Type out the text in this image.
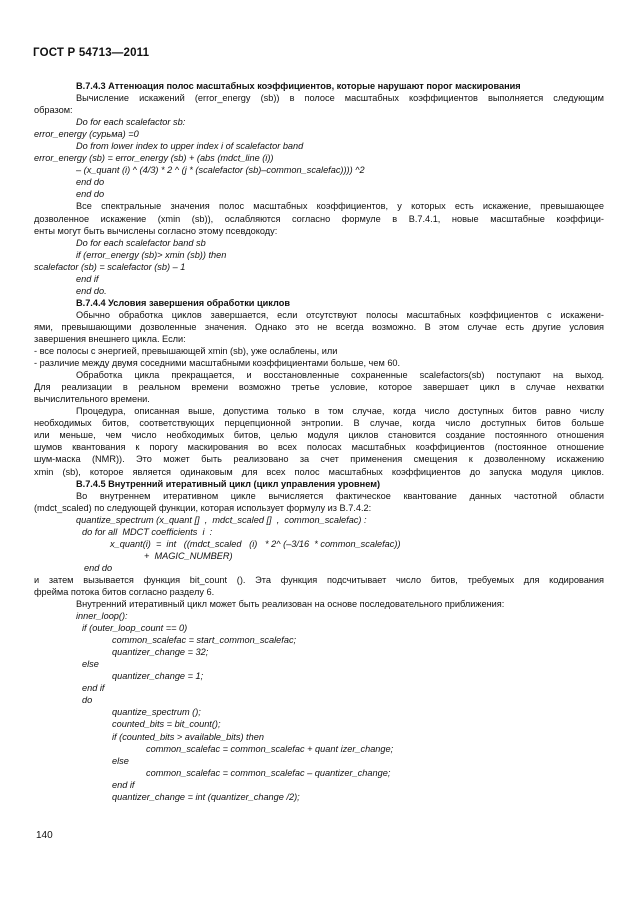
ГОСТ Р 54713—2011
B.7.4.3 Аттенюация полос масштабных коэффициентов, которые нарушают порог маскирования
Вычисление искажений (error_energy (sb)) в полосе масштабных коэффициентов выполняется следующим
образом:
Do for each scalefactor sb:
error_energy (сурьма) =0
Do from lower index to upper index i of scalefactor band
error_energy (sb) = error_energy (sb) + (abs (mdct_line (i))
– (x_quant (i) ^ (4/3) * 2 ^ (j * (scalefactor (sb)–common_scalefac)))) ^2
end do
end do
Все спектральные значения полос масштабных коэффициентов, у которых есть искажение, превышающее
дозволенное искажение (xmin (sb)), ослабляются согласно формуле в В.7.4.1, новые масштабные коэффици-
енты могут быть вычислены согласно этому псевдокоду:
Do for each scalefactor band sb
if (error_energy (sb)> xmin (sb)) then
scalefactor (sb) = scalefactor (sb) – 1
end if
end do.
B.7.4.4 Условия завершения обработки циклов
Обычно обработка циклов завершается, если отсутствуют полосы масштабных коэффициентов с искажени-
ями, превышающими дозволенные значения. Однако это не всегда возможно. В этом случае есть другие условия
завершения внешнего цикла. Если:
- все полосы с энергией, превышающей xmin (sb), уже ослаблены, или
- различие между двумя соседними масштабными коэффициентами больше, чем 60.
Обработка цикла прекращается, и восстановленные сохраненные scalefactors(sb) поступают на выход.
Для реализации в реальном времени возможно третье условие, которое завершает цикл в случае нехватки
вычислительного времени.
Процедура, описанная выше, допустима только в том случае, когда число доступных битов равно числу
необходимых битов, соответствующих перцепционной энтропии. В случае, когда число доступных битов больше
или меньше, чем число необходимых битов, целью модуля циклов становится создание постоянного отношения
шумов квантования к порогу маскирования во всех полосах масштабных коэффициентов (постоянное отношение
шум-маска (NMR)). Это может быть реализовано за счет применения смещения к дозволенному искажению
xmin (sb), которое является одинаковым для всех полос масштабных коэффициентов до запуска модуля циклов.
B.7.4.5 Внутренний итеративный цикл (цикл управления уровнем)
Во внутреннем итеративном цикле вычисляется фактическое квантование данных частотной области
(mdct_scaled) по следующей функции, которая использует формулу из В.7.4.2:
quantize_spectrum (x_quant []  ,  mdct_scaled []  ,  common_scalefac) :
do for all  MDCT coefficients  i  :
x_quant(i)  =  int   ((mdct_scaled   (i)   * 2^ (–3/16  * common_scalefac))
+  MAGIC_NUMBER)
end do
и затем вызывается функция bit_count (). Эта функция подсчитывает число битов, требуемых для кодирования
фрейма потока битов согласно разделу 6.
Внутренний итеративный цикл может быть реализован на основе последовательного приближения:
inner_loop():
if (outer_loop_count == 0)
common_scalefac = start_common_scalefac;
quantizer_change = 32;
else
quantizer_change = 1;
end if
do
quantize_spectrum ();
counted_bits = bit_count();
if (counted_bits > available_bits) then
common_scalefac = common_scalefac + quant izer_change;
else
common_scalefac = common_scalefac – quantizer_change;
end if
quantizer_change = int (quantizer_change /2);
140
